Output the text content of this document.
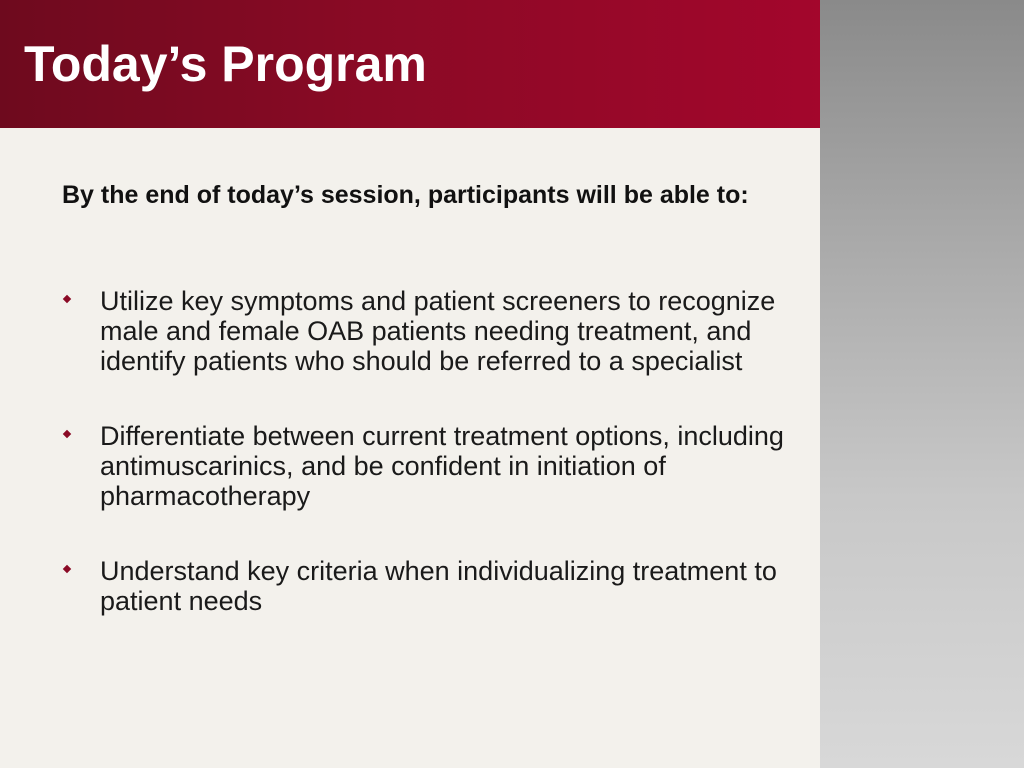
Today’s Program

By the end of today’s session, participants will be able to:

Utilize key symptoms and patient screeners to recognize male and female OAB patients needing treatment, and identify patients who should be referred to a specialist
Differentiate between current treatment options, including antimuscarinics, and be confident in initiation of pharmacotherapy
Understand key criteria when individualizing treatment to patient needs
